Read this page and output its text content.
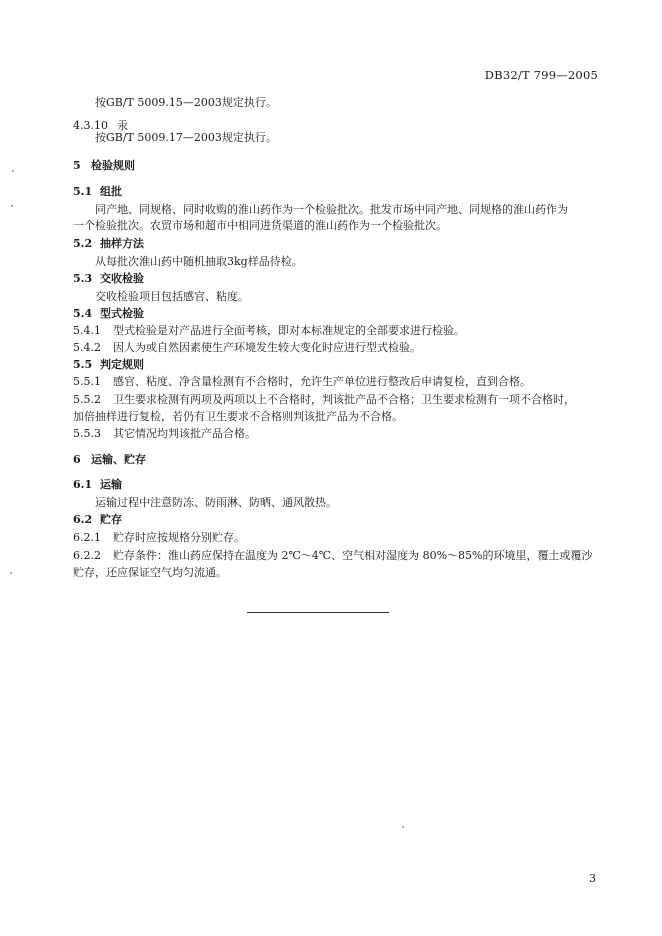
DB32/T 799—2005
按GB/T 5009.15—2003规定执行。
4.3.10 汞
按GB/T 5009.17—2003规定执行。
5 检验规则
5.1 组批
同产地、同规格、同时收购的淮山药作为一个检验批次。批发市场中同产地、同规格的淮山药作为
一个检验批次。农贸市场和超市中相同进货渠道的淮山药作为一个检验批次。
5.2 抽样方法
从每批次淮山药中随机抽取3kg样品待检。
5.3 交收检验
交收检验项目包括感官、粘度。
5.4 型式检验
5.4.1 型式检验是对产品进行全面考核，即对本标准规定的全部要求进行检验。
5.4.2 因人为或自然因素使生产环境发生较大变化时应进行型式检验。
5.5 判定规则
5.5.1 感官、粘度、净含量检测有不合格时，允许生产单位进行整改后申请复检，直到合格。
5.5.2 卫生要求检测有两项及两项以上不合格时，判该批产品不合格；卫生要求检测有一项不合格时，
加倍抽样进行复检，若仍有卫生要求不合格则判该批产品为不合格。
5.5.3 其它情况均判该批产品合格。
6 运输、贮存
6.1 运输
运输过程中注意防冻、防雨淋、防晒、通风散热。
6.2 贮存
6.2.1 贮存时应按规格分别贮存。
6.2.2 贮存条件：淮山药应保持在温度为 2℃～4℃、空气相对湿度为 80%～85%的环境里，覆土或覆沙
贮存，还应保证空气均匀流通。
3
